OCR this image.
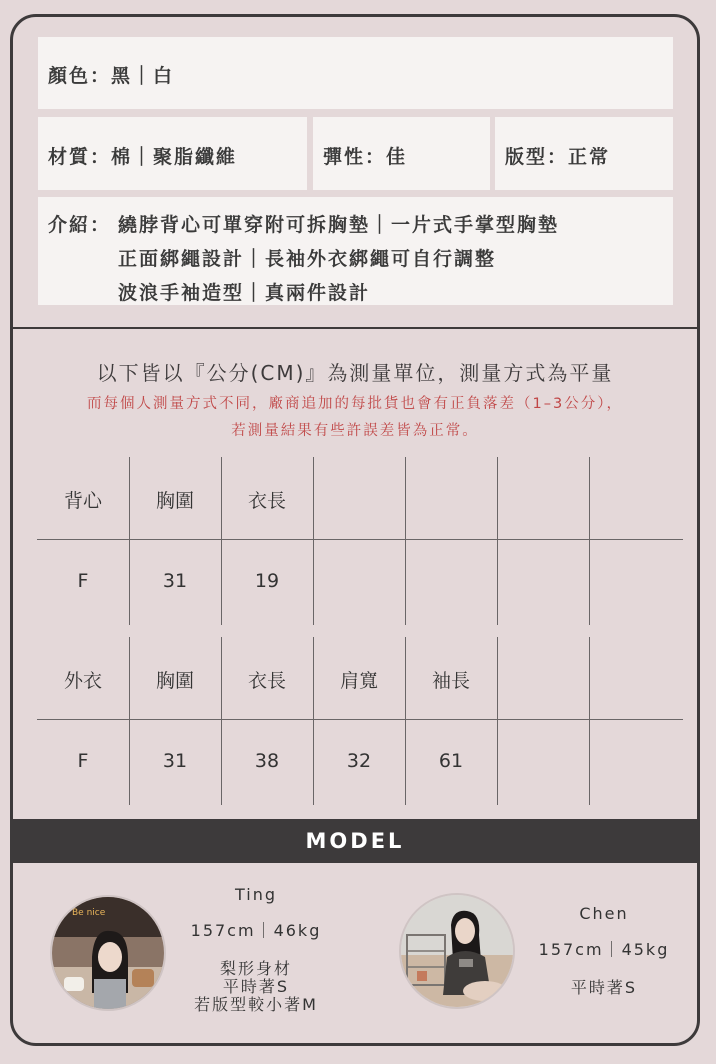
顏色：黑｜白
材質：棉｜聚脂纖維	彈性：佳	版型：正常
介紹： 繞脖背心可單穿附可拆胸墊｜一片式手掌型胸墊
正面綁繩設計｜長袖外衣綁繩可自行調整
波浪手袖造型｜真兩件設計
以下皆以『公分(CM)』為測量單位，測量方式為平量
而每個人測量方式不同，廠商追加的每批貨也會有正負落差（1–3公分），
若測量結果有些許誤差皆為正常。
背心	胸圍	衣長
F	31	19
外衣	胸圍	衣長	肩寬	袖長
F	31	38	32	61
MODEL
Be nice
Ting
157cm｜46kg
梨形身材
平時著S
若版型較小著M
Chen
157cm｜45kg
平時著S
